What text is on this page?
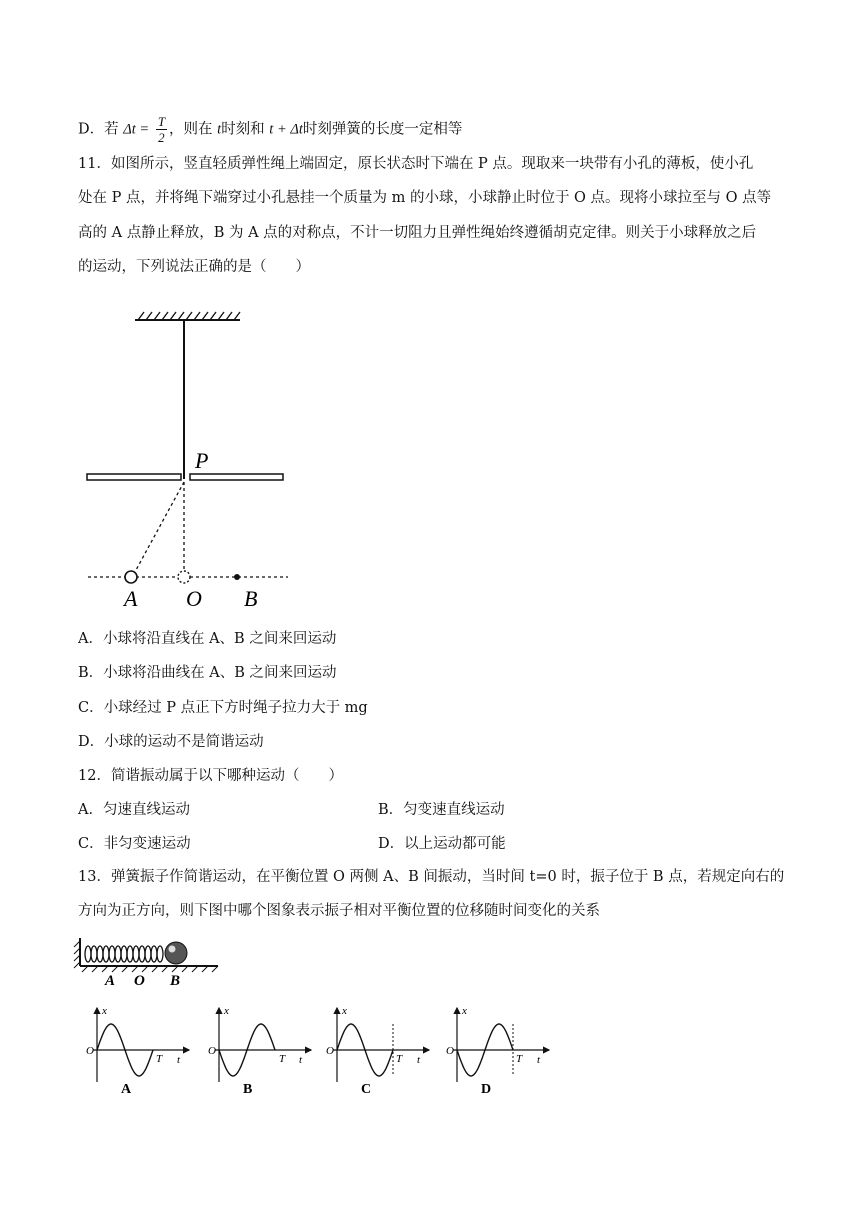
D．若 $\Delta t = \frac{T}{2}$ ，则在 t时刻和 t + Δt时刻弹簧的长度一定相等
11．如图所示，竖直轻质弹性绳上端固定，原长状态时下端在 P 点。现取来一块带有小孔的薄板，使小孔
处在 P 点，并将绳下端穿过小孔悬挂一个质量为 m 的小球，小球静止时位于 O 点。现将小球拉至与 O 点等
高的 A 点静止释放，B 为 A 点的对称点，不计一切阻力且弹性绳始终遵循胡克定律。则关于小球释放之后
的运动，下列说法正确的是（　　）
P
A O B
A．小球将沿直线在 A、B 之间来回运动
B．小球将沿曲线在 A、B 之间来回运动
C．小球经过 P 点正下方时绳子拉力大于 mg
D．小球的运动不是简谐运动
12．简谐振动属于以下哪种运动（　　）
A．匀速直线运动	B．匀变速直线运动
C．非匀变速运动	D．以上运动都可能
13．弹簧振子作简谐运动，在平衡位置 O 两侧 A、B 间振动，当时间 t=0 时，振子位于 B 点，若规定向右的
方向为正方向，则下图中哪个图象表示振子相对平衡位置的位移随时间变化的关系
A O B
x
O
T t
A
x
O
T t
B
x
O
T t
C
x
O
T t
D
